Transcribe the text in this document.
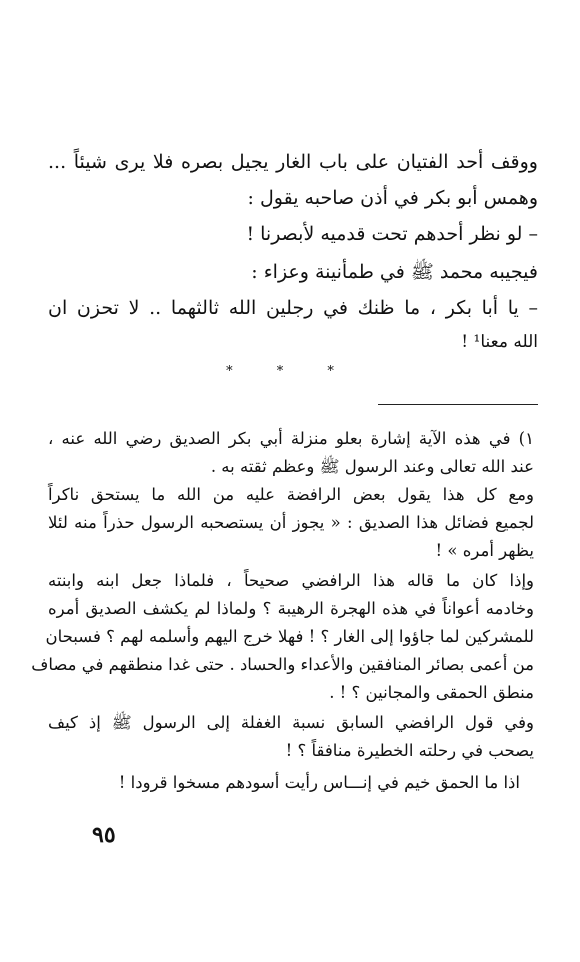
ووقف أحد الفتيان على باب الغار يجيل بصره فلا يرى شيئاً ...
وهمس أبو بكر في أذن صاحبه يقول :
– لو نظر أحدهم تحت قدميه لأبصرنا !
فيجيبه محمد ﷺ في طمأنينة وعزاء :
– يا أبا بكر ، ما ظنك في رجلين الله ثالثهما .. لا تحزن ان
الله معنا¹ !
* * *
١) في هذه الآية إشارة بعلو منزلة أبي بكر الصديق رضي الله عنه ،
عند الله تعالى وعند الرسول ﷺ وعظم ثقته به .
ومع كل هذا يقول بعض الرافضة عليه من الله ما يستحق ناكراً
لجميع فضائل هذا الصديق : « يجوز أن يستصحبه الرسول حذراً منه لئلا
يظهر أمره » !
وإذا كان ما قاله هذا الرافضي صحيحاً ، فلماذا جعل ابنه وابنته
وخادمه أعواناً في هذه الهجرة الرهيبة ؟ ولماذا لم يكشف الصديق أمره
للمشركين لما جاؤوا إلى الغار ؟ ! فهلا خرج اليهم وأسلمه لهم ؟ فسبحان
من أعمى بصائر المنافقين والأعداء والحساد . حتى غدا منطقهم في مصاف
منطق الحمقى والمجانين ؟ ! .
وفي قول الرافضي السابق نسبة الغفلة إلى الرسول ﷺ إذ كيف
يصحب في رحلته الخطيرة منافقاً ؟ !
اذا ما الحمق خيم في إنـــاس رأيت أسودهم مسخوا قرودا !
٩٥
